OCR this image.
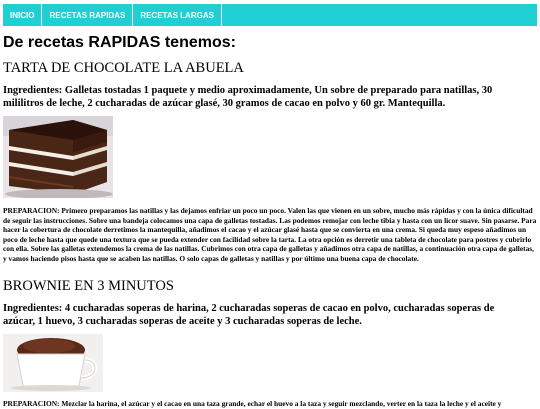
INICIO	RECETAS RAPIDAS	RECETAS LARGAS
De recetas RAPIDAS tenemos:
TARTA DE CHOCOLATE LA ABUELA

Ingredientes: Galletas tostadas 1 paquete y medio aproximadamente, Un sobre de preparado para natillas, 30 mililitros de leche, 2 cucharadas de azúcar glasé, 30 gramos de cacao en polvo y 60 gr. Mantequilla.

PREPARACION: Primero preparamos las natillas y las dejamos enfriar un poco un poco. Valen las que vienen en un sobre, mucho más rápidas y con la única dificultad de seguir las instrucciones. Sobre una bandeja colocamos una capa de galletas tostadas. Las podemos remojar con leche tibia y hasta con un licor suave. Sin pasarse. Para hacer la cobertura de chocolate derretimos la mantequilla, añadimos el cacao y el azúcar glasé hasta que se convierta en una crema. Si queda muy espeso añadimos un poco de leche hasta que quede una textura que se pueda extender con facilidad sobre la tarta. La otra opción es derretir una tableta de chocolate para postres y cubrirlo con ella. Sobre las galletas extendemos la crema de las natillas. Cubrimos con otra capa de galletas y añadimos otra capa de natillas, a continuación otra capa de galletas, y vamos haciendo pisos hasta que se acaben las natillas. O solo capas de galletas y natillas y por último una buena capa de chocolate.

BROWNIE EN 3 MINUTOS

Ingredientes: 4 cucharadas soperas de harina, 2 cucharadas soperas de cacao en polvo, cucharadas soperas de azúcar, 1 huevo, 3 cucharadas soperas de aceite y 3 cucharadas soperas de leche.

PREPARACION: Mezclar la harina, el azúcar y el cacao en una taza grande, echar el huevo a la taza y seguir mezclando, verter en la taza la leche y el aceite y
